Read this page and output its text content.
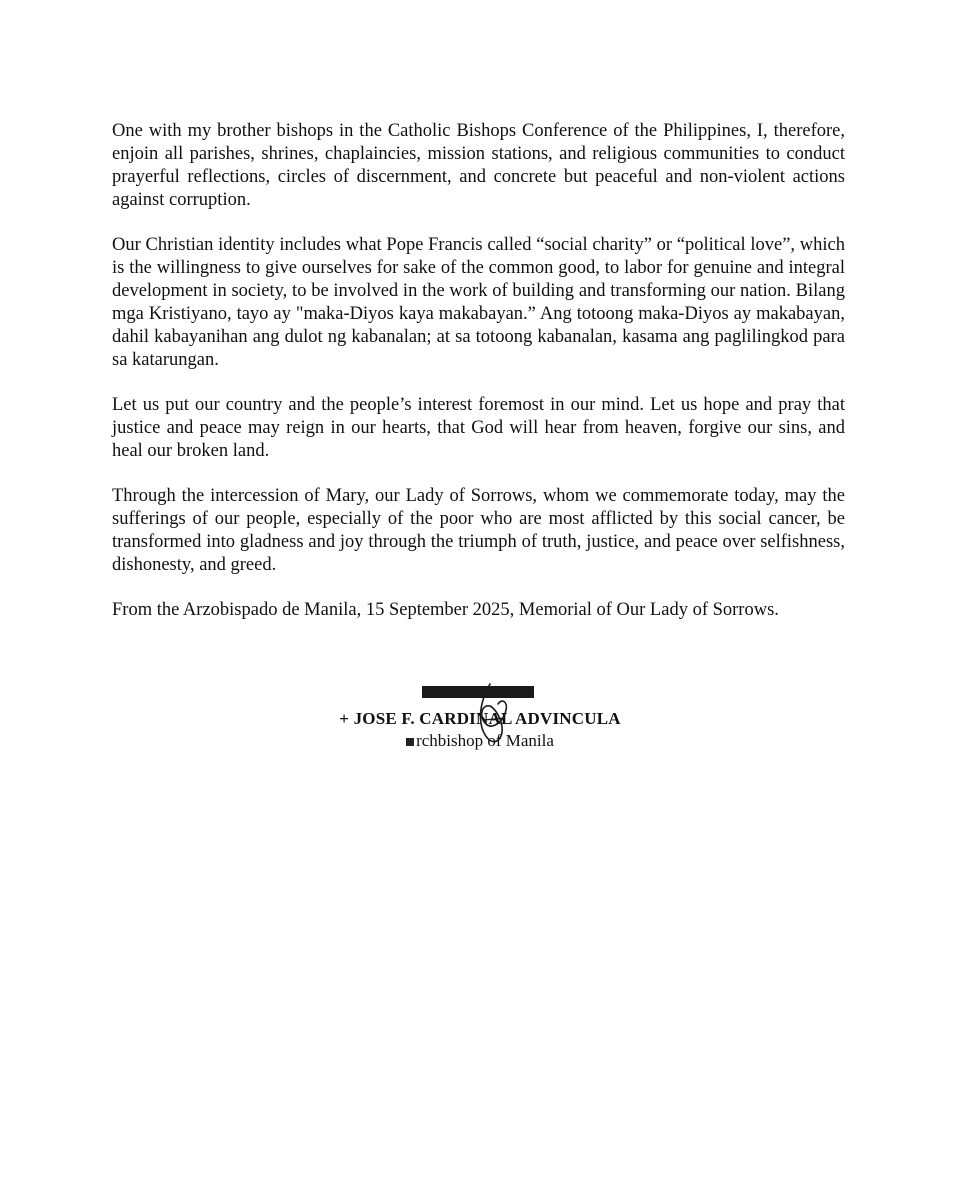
One with my brother bishops in the Catholic Bishops Conference of the Philippines, I, therefore, enjoin all parishes, shrines, chaplaincies, mission stations, and religious communities to conduct prayerful reflections, circles of discernment, and concrete but peaceful and non-violent actions against corruption.

Our Christian identity includes what Pope Francis called “social charity” or “political love”, which is the willingness to give ourselves for sake of the common good, to labor for genuine and integral development in society, to be involved in the work of building and transforming our nation. Bilang mga Kristiyano, tayo ay "maka-Diyos kaya makabayan.” Ang totoong maka-Diyos ay makabayan, dahil kabayanihan ang dulot ng kabanalan; at sa totoong kabanalan, kasama ang paglilingkod para sa katarungan.

Let us put our country and the people’s interest foremost in our mind. Let us hope and pray that justice and peace may reign in our hearts, that God will hear from heaven, forgive our sins, and heal our broken land.

Through the intercession of Mary, our Lady of Sorrows, whom we commemorate today, may the sufferings of our people, especially of the poor who are most afflicted by this social cancer, be transformed into gladness and joy through the triumph of truth, justice, and peace over selfishness, dishonesty, and greed.

From the Arzobispado de Manila, 15 September 2025, Memorial of Our Lady of Sorrows.

+ JOSE F. CARDINAL ADVINCULA
rchbishop of Manila
